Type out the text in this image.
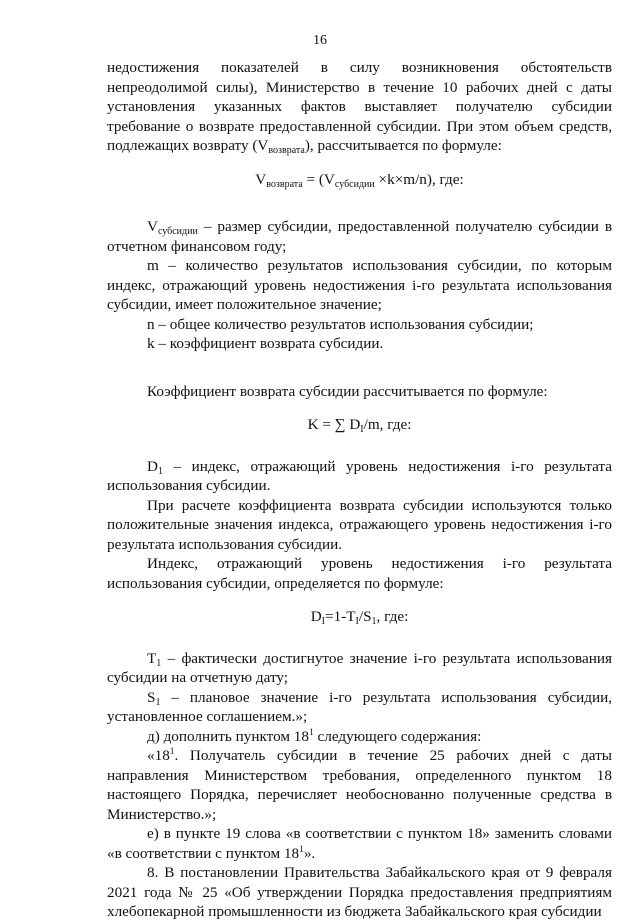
16

недостижения показателей в силу возникновения обстоятельств непреодолимой силы), Министерство в течение 10 рабочих дней с даты установления указанных фактов выставляет получателю субсидии требование о возврате предоставленной субсидии. При этом объем средств, подлежащих возврату $(V_{возврата})$, рассчитывается по формуле:

$V_{возврата} = (V_{субсидии} \times k\times m/n)$, где:

$V_{субсидии}$ – размер субсидии, предоставленной получателю субсидии в отчетном финансовом году;

m – количество результатов использования субсидии, по которым индекс, отражающий уровень недостижения i-го результата использования субсидии, имеет положительное значение;

n – общее количество результатов использования субсидии;

k – коэффициент возврата субсидии.

Коэффициент возврата субсидии рассчитывается по формуле:

K = ∑ $D_I/m$, где:

$D_1$ – индекс, отражающий уровень недостижения i-го результата использования субсидии.

При расчете коэффициента возврата субсидии используются только положительные значения индекса, отражающего уровень недостижения i-го результата использования субсидии.

Индекс, отражающий уровень недостижения i-го результата использования субсидии, определяется по формуле:

$D_I=1-T_I/S_1$, где:

$T_1$ – фактически достигнутое значение i-го результата использования субсидии на отчетную дату;

$S_1$ – плановое значение i-го результата использования субсидии, установленное соглашением.»;

д) дополнить пунктом $18^1$ следующего содержания:

«$18^1$. Получатель субсидии в течение 25 рабочих дней с даты направления Министерством требования, определенного пунктом 18 настоящего Порядка, перечисляет необоснованно полученные средства в Министерство.»;

е) в пункте 19 слова «в соответствии с пунктом 18» заменить словами «в соответствии с пунктом $18^1$».

8. В постановлении Правительства Забайкальского края от 9 февраля 2021 года № 25 «Об утверждении Порядка предоставления предприятиям хлебопекарной промышленности из бюджета Забайкальского края субсидии
